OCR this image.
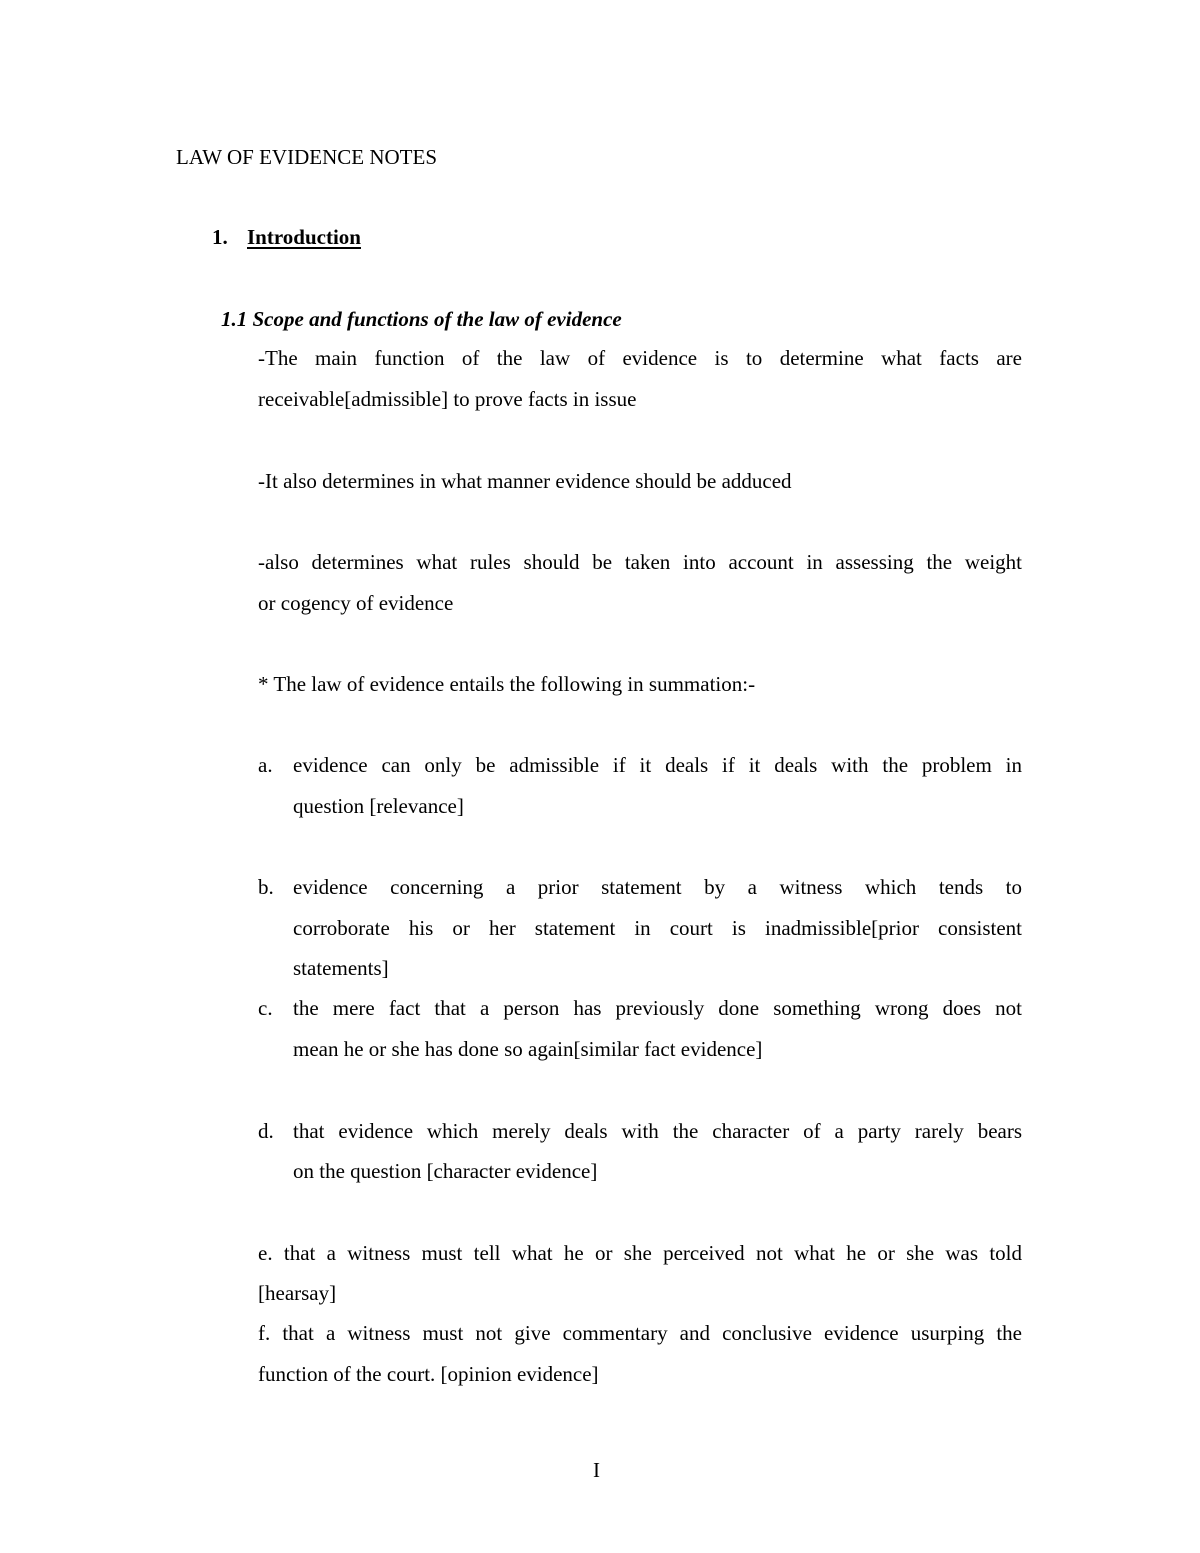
LAW OF EVIDENCE NOTES
1. Introduction
1.1 Scope and functions of the law of evidence
-The main function of the law of evidence is to determine what facts are
receivable[admissible] to prove facts in issue
-It also determines in what manner evidence should be adduced
-also determines what rules should be taken into account in assessing the weight
or cogency of evidence
* The law of evidence entails the following in summation:-
a. evidence can only be admissible if it deals if it deals with the problem in
question [relevance]
b. evidence concerning a prior statement by a witness which tends to
corroborate his or her statement in court is inadmissible[prior consistent
statements]
c. the mere fact that a person has previously done something wrong does not
mean he or she has done so again[similar fact evidence]
d. that evidence which merely deals with the character of a party rarely bears
on the question [character evidence]
e. that a witness must tell what he or she perceived not what he or she was told
[hearsay]
f. that a witness must not give commentary and conclusive evidence usurping the
function of the court. [opinion evidence]
I
